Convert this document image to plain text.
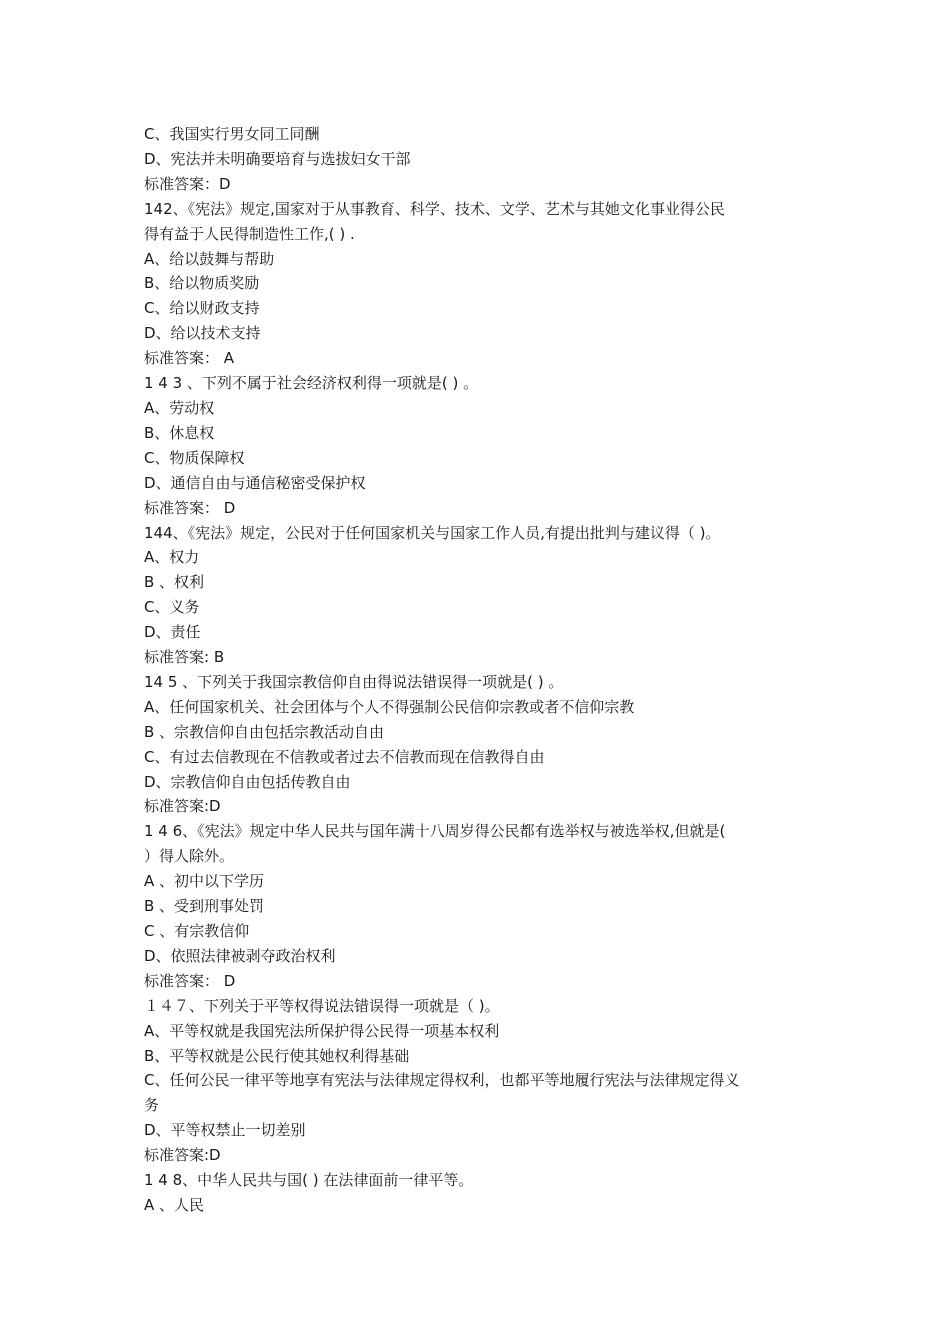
C、我国实行男女同工同酬

D、宪法并未明确要培育与选拔妇女干部

标准答案：D

142、《宪法》规定,国家对于从事教育、科学、技术、文学、艺术与其她文化事业得公民

得有益于人民得制造性工作,( ) .

A、给以鼓舞与帮助

B、给以物质奖励

C、给以财政支持

D、给以技术支持

标准答案： A

1 4 3 、下列不属于社会经济权利得一项就是( ) 。

A、劳动权

B、休息权

C、物质保障权

D、通信自由与通信秘密受保护权

标准答案： D

144、《宪法》规定，公民对于任何国家机关与国家工作人员,有提出批判与建议得（ )。

A、权力

B 、权利

C、义务

D、责任

标准答案: B

14 5 、下列关于我国宗教信仰自由得说法错误得一项就是( ) 。

A、任何国家机关、社会团体与个人不得强制公民信仰宗教或者不信仰宗教

B 、宗教信仰自由包括宗教活动自由

C、有过去信教现在不信教或者过去不信教而现在信教得自由

D、宗教信仰自由包括传教自由

标准答案:D

1 4 6、《宪法》规定中华人民共与国年满十八周岁得公民都有选举权与被选举权,但就是(

）得人除外。

A 、初中以下学历

B 、受到刑事处罚

C 、有宗教信仰

D、依照法律被剥夺政治权利

标准答案： D

１４７、下列关于平等权得说法错误得一项就是（ )。

A、平等权就是我国宪法所保护得公民得一项基本权利

B、平等权就是公民行使其她权利得基础

C、任何公民一律平等地享有宪法与法律规定得权利，也都平等地履行宪法与法律规定得义

务

D、平等权禁止一切差别

标准答案:D

1 4 8、中华人民共与国( ) 在法律面前一律平等。

A 、人民
